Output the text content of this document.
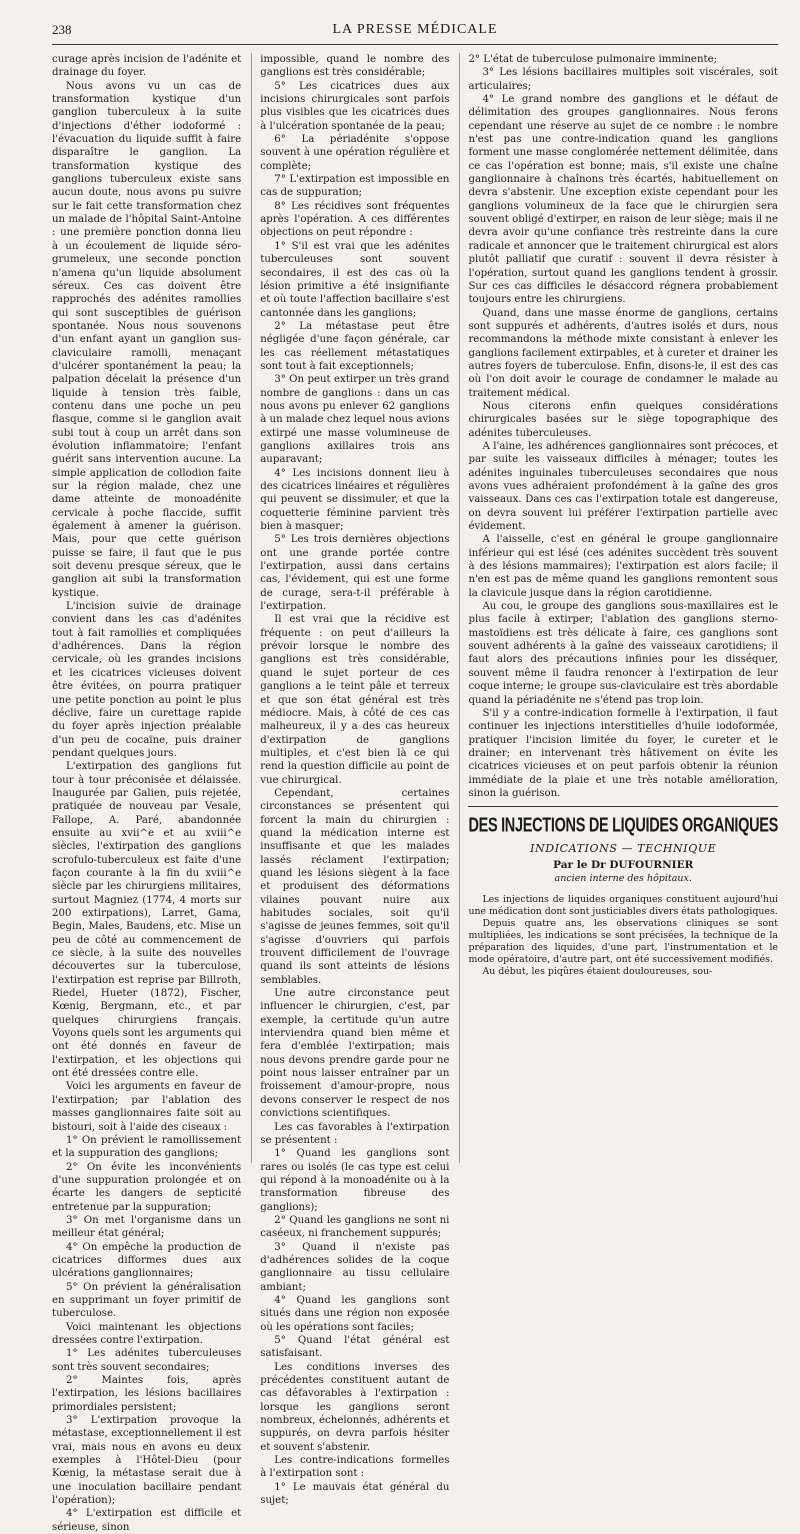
238	LA PRESSE MÉDICALE

curage après incision de l'adénite et drainage du foyer.

Nous avons vu un cas de transformation kystique d'un ganglion tuberculeux à la suite d'injections d'éther iodoformé : l'évacuation du liquide suffit à faire disparaître le ganglion. La transformation kystique des ganglions tuberculeux existe sans aucun doute, nous avons pu suivre sur le fait cette transformation chez un malade de l'hôpital Saint-Antoine : une première ponction donna lieu à un écoulement de liquide séro-grumeleux, une seconde ponction n'amena qu'un liquide absolument séreux. Ces cas doivent être rapprochés des adénites ramollies qui sont susceptibles de guérison spontanée. Nous nous souvenons d'un enfant ayant un ganglion sus-claviculaire ramolli, menaçant d'ulcérer spontanément la peau; la palpation décelait la présence d'un liquide à tension très faible, contenu dans une poche un peu flasque, comme si le ganglion avait subi tout à coup un arrêt dans son évolution inflammatoire; l'enfant guérit sans intervention aucune. La simple application de collodion faite sur la région malade, chez une dame atteinte de monoadénite cervicale à poche flaccide, suffit également à amener la guérison. Mais, pour que cette guérison puisse se faire, il faut que le pus soit devenu presque séreux, que le ganglion ait subi la transformation kystique.

L'incision suivie de drainage convient dans les cas d'adénites tout à fait ramollies et compliquées d'adhérences. Dans la région cervicale, où les grandes incisions et les cicatrices vicieuses doivent être évitées, on pourra pratiquer une petite ponction au point le plus déclive, faire un curettage rapide du foyer après injection préalable d'un peu de cocaïne, puis drainer pendant quelques jours.

L'extirpation des ganglions fut tour à tour préconisée et délaissée. Inaugurée par Galien, puis rejetée, pratiquée de nouveau par Vesale, Fallope, A. Paré, abandonnée ensuite au xvii^e et au xviii^e siècles, l'extirpation des ganglions scrofulo-tuberculeux est faite d'une façon courante à la fin du xviii^e siècle par les chirurgiens militaires, surtout Magniez (1774, 4 morts sur 200 extirpations), Larret, Gama, Begin, Males, Baudens, etc. Mise un peu de côté au commencement de ce siècle, à la suite des nouvelles découvertes sur la tuberculose, l'extirpation est reprise par Billroth, Riedel, Hueter (1872), Fischer, Kœnig, Bergmann, etc., et par quelques chirurgiens français. Voyons quels sont les arguments qui ont été donnés en faveur de l'extirpation, et les objections qui ont été dressées contre elle.

Voici les arguments en faveur de l'extirpation; par l'ablation des masses ganglionnaires faite soit au bistouri, soit à l'aide des ciseaux :

1° On prévient le ramollissement et la suppuration des ganglions;

2° On évite les inconvénients d'une suppuration prolongée et on écarte les dangers de septicité entretenue par la suppuration;

3° On met l'organisme dans un meilleur état général;

4° On empêche la production de cicatrices difformes dues aux ulcérations ganglionnaires;

5° On prévient la généralisation en supprimant un foyer primitif de tuberculose.

Voici maintenant les objections dressées contre l'extirpation.

1° Les adénites tuberculeuses sont très souvent secondaires;

2° Maintes fois, après l'extirpation, les lésions bacillaires primordiales persistent;

3° L'extirpation provoque la métastase, exceptionnellement il est vrai, mais nous en avons eu deux exemples à l'Hôtel-Dieu (pour Kœnig, la métastase serait due à une inoculation bacillaire pendant l'opération);

4° L'extirpation est difficile et sérieuse, sinon

impossible, quand le nombre des ganglions est très considérable;

5° Les cicatrices dues aux incisions chirurgicales sont parfois plus visibles que les cicatrices dues à l'ulcération spontanée de la peau;

6° La périadénite s'oppose souvent à une opération régulière et complète;

7° L'extirpation est impossible en cas de suppuration;

8° Les récidives sont fréquentes après l'opération. A ces différentes objections on peut répondre :

1° S'il est vrai que les adénites tuberculeuses sont souvent secondaires, il est des cas où la lésion primitive a été insignifiante et où toute l'affection bacillaire s'est cantonnée dans les ganglions;

2° La métastase peut être négligée d'une façon générale, car les cas réellement métastatiques sont tout à fait exceptionnels;

3° On peut extirper un très grand nombre de ganglions : dans un cas nous avons pu enlever 62 ganglions à un malade chez lequel nous avions extirpé une masse volumineuse de ganglions axillaires trois ans auparavant;

4° Les incisions donnent lieu à des cicatrices linéaires et régulières qui peuvent se dissimuler, et que la coquetterie féminine parvient très bien à masquer;

5° Les trois dernières objections ont une grande portée contre l'extirpation, aussi dans certains cas, l'évidement, qui est une forme de curage, sera-t-il préférable à l'extirpation.

Il est vrai que la récidive est fréquente : on peut d'ailleurs la prévoir lorsque le nombre des ganglions est très considérable, quand le sujet porteur de ces ganglions a le teint pâle et terreux et que son état général est très médiocre. Mais, à côté de ces cas malheureux, il y a des cas heureux d'extirpation de ganglions multiples, et c'est bien là ce qui rend la question difficile au point de vue chirurgical.

Cependant, certaines circonstances se présentent qui forcent la main du chirurgien : quand la médication interne est insuffisante et que les malades lassés réclament l'extirpation; quand les lésions siègent à la face et produisent des déformations vilaines pouvant nuire aux habitudes sociales, soit qu'il s'agisse de jeunes femmes, soit qu'il s'agisse d'ouvriers qui parfois trouvent difficilement de l'ouvrage quand ils sont atteints de lésions semblables.

Une autre circonstance peut influencer le chirurgien, c'est, par exemple, la certitude qu'un autre interviendra quand bien même et fera d'emblée l'extirpation; mais nous devons prendre garde pour ne point nous laisser entraîner par un froissement d'amour-propre, nous devons conserver le respect de nos convictions scientifiques.

Les cas favorables à l'extirpation se présentent :

1° Quand les ganglions sont rares ou isolés (le cas type est celui qui répond à la monoadénite ou à la transformation fibreuse des ganglions);

2° Quand les ganglions ne sont ni caséeux, ni franchement suppurés;

3° Quand il n'existe pas d'adhérences solides de la coque ganglionnaire au tissu cellulaire ambiant;

4° Quand les ganglions sont situés dans une région non exposée où les opérations sont faciles;

5° Quand l'état général est satisfaisant.

Les conditions inverses des précédentes constituent autant de cas défavorables à l'extirpation : lorsque les ganglions seront nombreux, échelonnés, adhérents et suppurés, on devra parfois hésiter et souvent s'abstenir.

Les contre-indications formelles à l'extirpation sont :

1° Le mauvais état général du sujet;

2° L'état de tuberculose pulmonaire imminente;

3° Les lésions bacillaires multiples soit viscérales, soit articulaires;

4° Le grand nombre des ganglions et le défaut de délimitation des groupes ganglionnaires. Nous ferons cependant une réserve au sujet de ce nombre : le nombre n'est pas une contre-indication quand les ganglions forment une masse conglomérée nettement délimitée, dans ce cas l'opération est bonne; mais, s'il existe une chaîne ganglionnaire à chaînons très écartés, habituellement on devra s'abstenir. Une exception existe cependant pour les ganglions volumineux de la face que le chirurgien sera souvent obligé d'extirper, en raison de leur siège; mais il ne devra avoir qu'une confiance très restreinte dans la cure radicale et annoncer que le traitement chirurgical est alors plutôt palliatif que curatif : souvent il devra résister à l'opération, surtout quand les ganglions tendent à grossir. Sur ces cas difficiles le désaccord régnera probablement toujours entre les chirurgiens.

Quand, dans une masse énorme de ganglions, certains sont suppurés et adhérents, d'autres isolés et durs, nous recommandons la méthode mixte consistant à enlever les ganglions facilement extirpables, et à cureter et drainer les autres foyers de tuberculose. Enfin, disons-le, il est des cas où l'on doit avoir le courage de condamner le malade au traitement médical.

Nous citerons enfin quelques considérations chirurgicales basées sur le siège topographique des adénites tuberculeuses.

A l'aine, les adhérences ganglionnaires sont précoces, et par suite les vaisseaux difficiles à ménager; toutes les adénites inguinales tuberculeuses secondaires que nous avons vues adhéraient profondément à la gaîne des gros vaisseaux. Dans ces cas l'extirpation totale est dangereuse, on devra souvent lui préférer l'extirpation partielle avec évidement.

A l'aisselle, c'est en général le groupe ganglionnaire inférieur qui est lésé (ces adénites succèdent très souvent à des lésions mammaires); l'extirpation est alors facile; il n'en est pas de même quand les ganglions remontent sous la clavicule jusque dans la région carotidienne.

Au cou, le groupe des ganglions sous-maxillaires est le plus facile à extirper; l'ablation des ganglions sterno-mastoïdiens est très délicate à faire, ces ganglions sont souvent adhérents à la gaîne des vaisseaux carotidiens; il faut alors des précautions infinies pour les disséquer, souvent même il faudra renoncer à l'extirpation de leur coque interne; le groupe sus-claviculaire est très abordable quand la périadénite ne s'étend pas trop loin.

S'il y a contre-indication formelle à l'extirpation, il faut continuer les injections interstitielles d'huile iodoformée, pratiquer l'incision limitée du foyer, le cureter et le drainer; en intervenant très hâtivement on évite les cicatrices vicieuses et on peut parfois obtenir la réunion immédiate de la plaie et une très notable amélioration, sinon la guérison.

DES INJECTIONS DE LIQUIDES ORGANIQUES
INDICATIONS — TECHNIQUE
Par le Dr DUFOURNIER
ancien interne des hôpitaux.

Les injections de liquides organiques constituent aujourd'hui une médication dont sont justiciables divers états pathologiques.

Depuis quatre ans, les observations cliniques se sont multipliées, les indications se sont précisées, la technique de la préparation des liquides, d'une part, l'instrumentation et le mode opératoire, d'autre part, ont été successivement modifiés.

Au début, les piqûres étaient douloureuses, sou-
